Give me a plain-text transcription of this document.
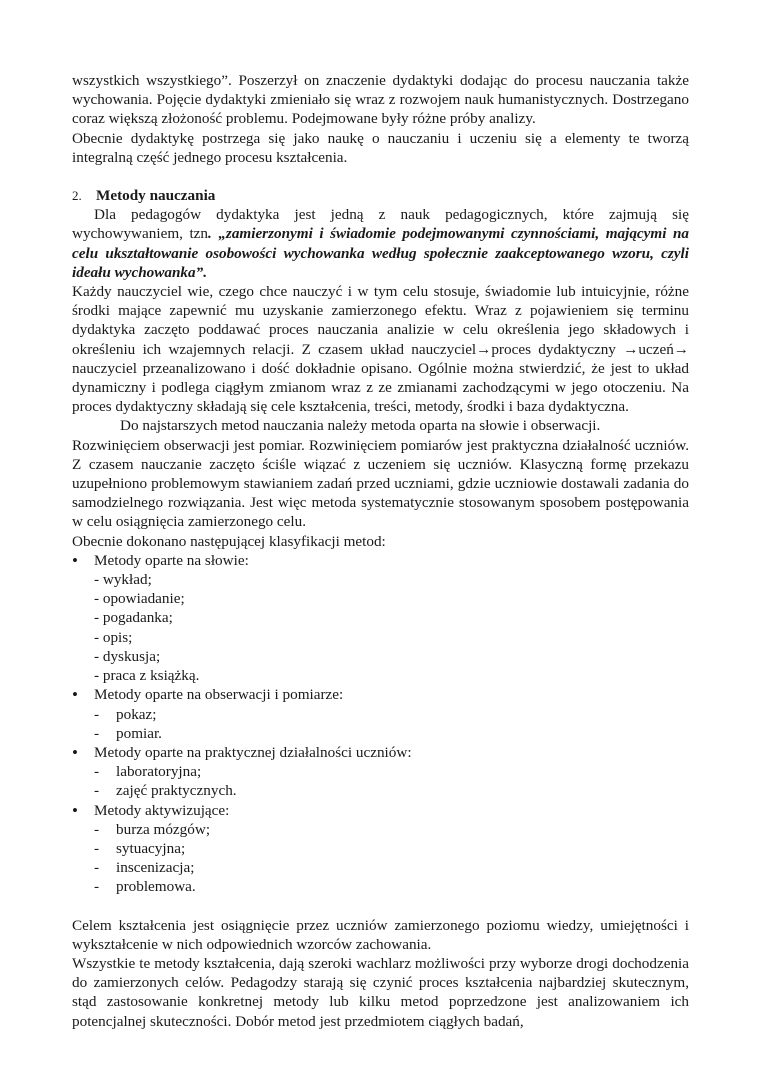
wszystkich wszystkiego”. Poszerzył on znaczenie dydaktyki dodając do procesu nauczania także wychowania. Pojęcie dydaktyki zmieniało się wraz z rozwojem nauk humanistycznych. Dostrzegano coraz większą złożoność problemu. Podejmowane były różne próby analizy.

Obecnie dydaktykę postrzega się jako naukę o nauczaniu i uczeniu się a elementy te tworzą integralną część jednego procesu kształcenia.

2. Metody nauczania

Dla pedagogów dydaktyka jest jedną z nauk pedagogicznych, które zajmują się wychowywaniem, tzn. „zamierzonymi i świadomie podejmowanymi czynnościami, mającymi na celu ukształtowanie osobowości wychowanka według społecznie zaakceptowanego wzoru, czyli ideału wychowanka”.

Każdy nauczyciel wie, czego chce nauczyć i w tym celu stosuje, świadomie lub intuicyjnie, różne środki mające zapewnić mu uzyskanie zamierzonego efektu. Wraz z pojawieniem się terminu dydaktyka zaczęto poddawać proces nauczania analizie w celu określenia jego składowych i określeniu ich wzajemnych relacji. Z czasem układ nauczyciel→proces dydaktyczny →uczeń→ nauczyciel przeanalizowano i dość dokładnie opisano. Ogólnie można stwierdzić, że jest to układ dynamiczny i podlega ciągłym zmianom wraz z ze zmianami zachodzącymi w jego otoczeniu. Na proces dydaktyczny składają się cele kształcenia, treści, metody, środki i baza dydaktyczna.

Do najstarszych metod nauczania należy metoda oparta na słowie i obserwacji.

Rozwinięciem obserwacji jest pomiar. Rozwinięciem pomiarów jest praktyczna działalność uczniów. Z czasem nauczanie zaczęto ściśle wiązać z uczeniem się uczniów. Klasyczną formę przekazu uzupełniono problemowym stawianiem zadań przed uczniami, gdzie uczniowie dostawali zadania do samodzielnego rozwiązania. Jest więc metoda systematycznie stosowanym sposobem postępowania w celu osiągnięcia zamierzonego celu.

Obecnie dokonano następującej klasyfikacji metod:

• Metody oparte na słowie:
- wykład;
- opowiadanie;
- pogadanka;
- opis;
- dyskusja;
- praca z książką.
• Metody oparte na obserwacji i pomiarze:
- pokaz;
- pomiar.
• Metody oparte na praktycznej działalności uczniów:
- laboratoryjna;
- zajęć praktycznych.
• Metody aktywizujące:
- burza mózgów;
- sytuacyjna;
- inscenizacja;
- problemowa.

Celem kształcenia jest osiągnięcie przez uczniów zamierzonego poziomu wiedzy, umiejętności i wykształcenie w nich odpowiednich wzorców zachowania.

Wszystkie te metody kształcenia, dają szeroki wachlarz możliwości przy wyborze drogi dochodzenia do zamierzonych celów. Pedagodzy starają się czynić proces kształcenia najbardziej skutecznym, stąd zastosowanie konkretnej metody lub kilku metod poprzedzone jest analizowaniem ich potencjalnej skuteczności. Dobór metod jest przedmiotem ciągłych badań,
